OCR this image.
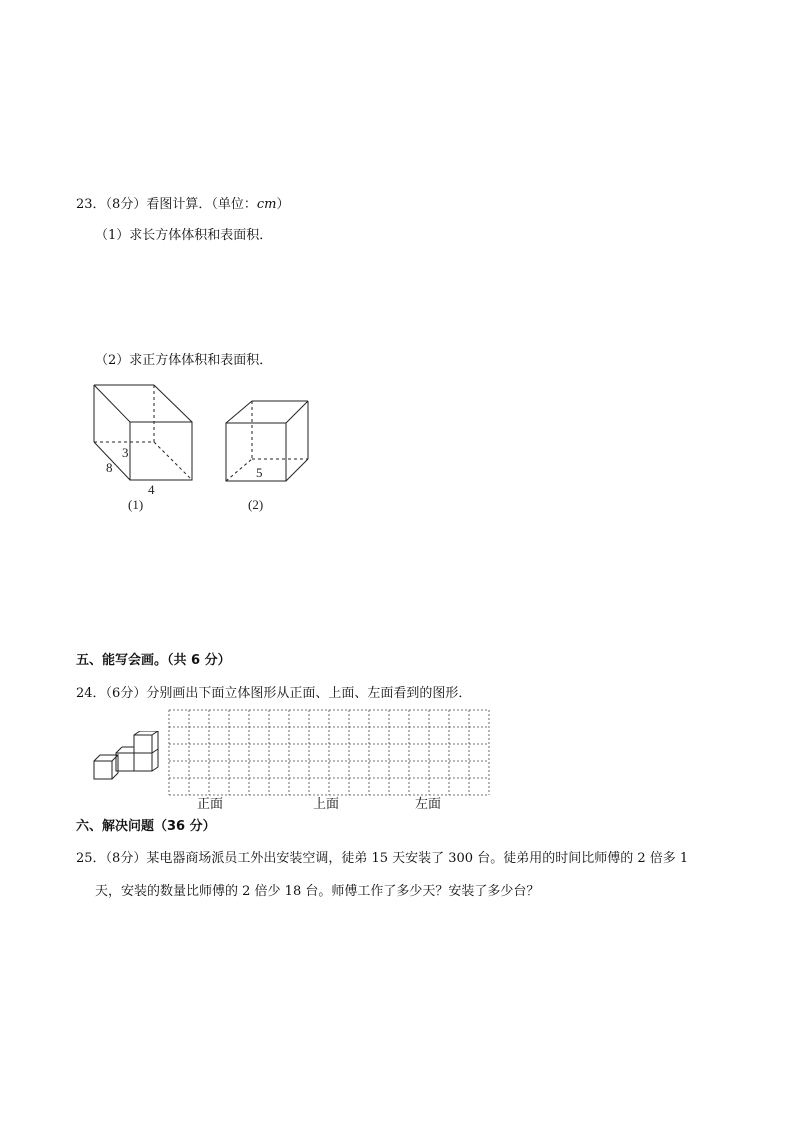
23．（8分）看图计算．（单位：cm）
（1）求长方体体积和表面积．
（2）求正方体体积和表面积．
3
8
4
(1)
5
(2)
五、能写会画。（共 6 分）
24．（6分）分别画出下面立体图形从正面、上面、左面看到的图形．
正面	上面	左面
六、解决问题（36 分）
25．（8分）某电器商场派员工外出安装空调，徒弟 15 天安装了 300 台。徒弟用的时间比师傅的 2 倍多 1
天，安装的数量比师傅的 2 倍少 18 台。师傅工作了多少天？安装了多少台？
